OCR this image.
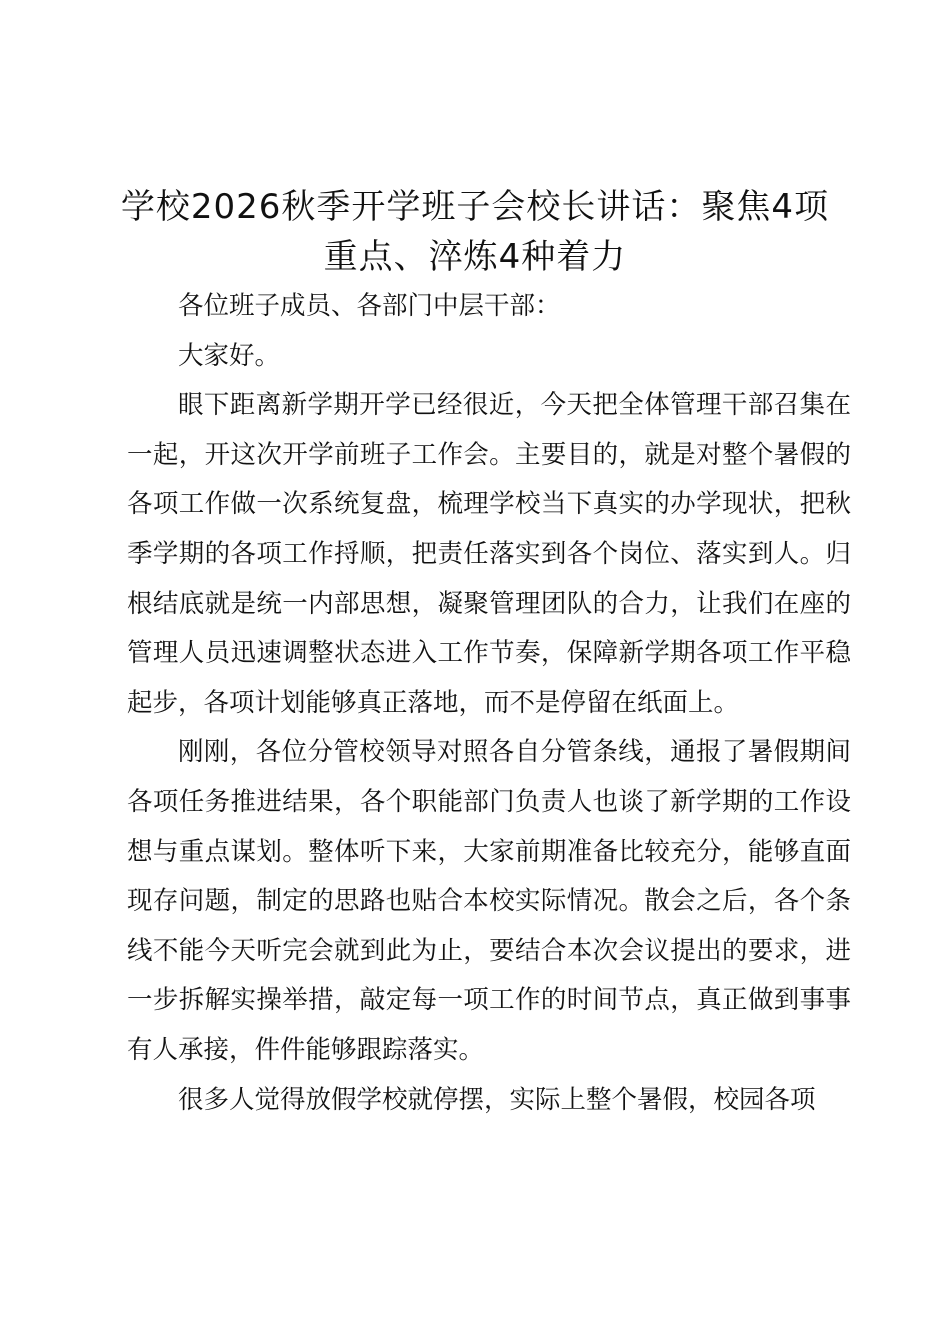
学校2026秋季开学班子会校长讲话：聚焦4项重点、淬炼4种着力

各位班子成员、各部门中层干部：

大家好。

眼下距离新学期开学已经很近，今天把全体管理干部召集在一起，开这次开学前班子工作会。主要目的，就是对整个暑假的各项工作做一次系统复盘，梳理学校当下真实的办学现状，把秋季学期的各项工作捋顺，把责任落实到各个岗位、落实到人。归根结底就是统一内部思想，凝聚管理团队的合力，让我们在座的管理人员迅速调整状态进入工作节奏，保障新学期各项工作平稳起步，各项计划能够真正落地，而不是停留在纸面上。

刚刚，各位分管校领导对照各自分管条线，通报了暑假期间各项任务推进结果，各个职能部门负责人也谈了新学期的工作设想与重点谋划。整体听下来，大家前期准备比较充分，能够直面现存问题，制定的思路也贴合本校实际情况。散会之后，各个条线不能今天听完会就到此为止，要结合本次会议提出的要求，进一步拆解实操举措，敲定每一项工作的时间节点，真正做到事事有人承接，件件能够跟踪落实。

很多人觉得放假学校就停摆，实际上整个暑假，校园各项
